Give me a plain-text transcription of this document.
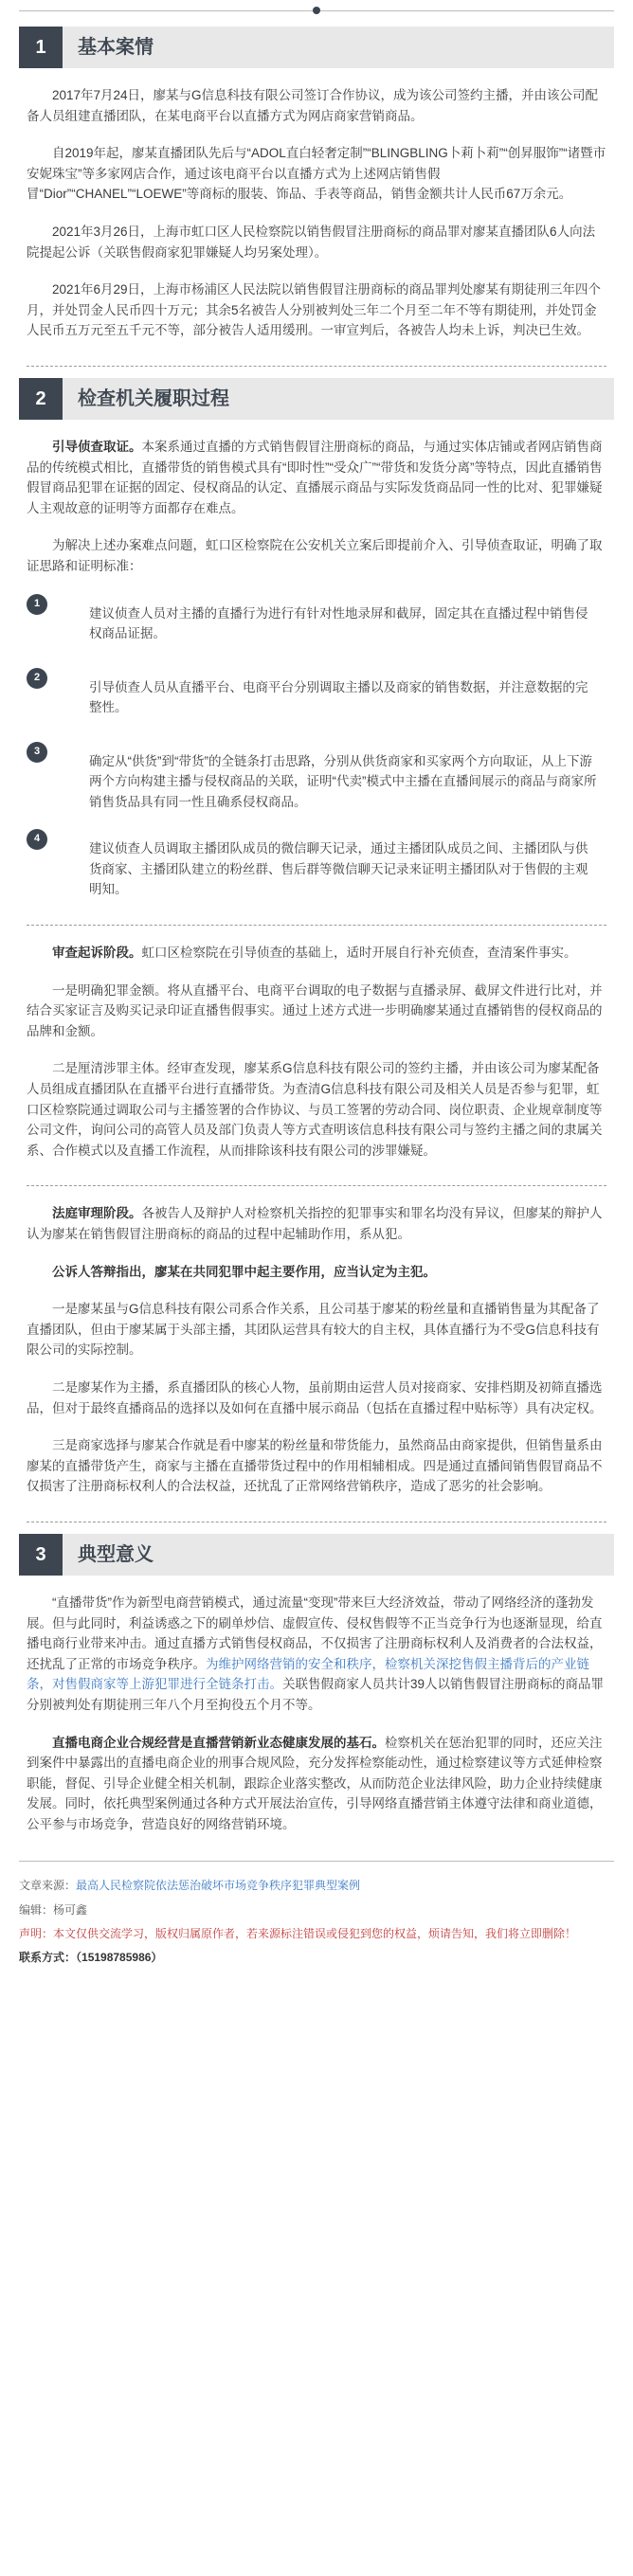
1	基本案情

2017年7月24日，廖某与G信息科技有限公司签订合作协议，成为该公司签约主播，并由该公司配备人员组建直播团队，在某电商平台以直播方式为网店商家营销商品。

自2019年起，廖某直播团队先后与“ADOL直白轻奢定制”“BLINGBLING卜莉卜莉”“创昇服饰”“诸暨市安妮珠宝”等多家网店合作，通过该电商平台以直播方式为上述网店销售假冒“Dior”“CHANEL”“LOEWE”等商标的服装、饰品、手表等商品，销售金额共计人民币67万余元。

2021年3月26日，上海市虹口区人民检察院以销售假冒注册商标的商品罪对廖某直播团队6人向法院提起公诉（关联售假商家犯罪嫌疑人均另案处理）。

2021年6月29日，上海市杨浦区人民法院以销售假冒注册商标的商品罪判处廖某有期徒刑三年四个月，并处罚金人民币四十万元；其余5名被告人分别被判处三年二个月至二年不等有期徒刑，并处罚金人民币五万元至五千元不等，部分被告人适用缓刑。一审宣判后，各被告人均未上诉，判决已生效。

2	检查机关履职过程

引导侦查取证。本案系通过直播的方式销售假冒注册商标的商品，与通过实体店铺或者网店销售商品的传统模式相比，直播带货的销售模式具有“即时性”“受众广”“带货和发货分离”等特点，因此直播销售假冒商品犯罪在证据的固定、侵权商品的认定、直播展示商品与实际发货商品同一性的比对、犯罪嫌疑人主观故意的证明等方面都存在难点。

为解决上述办案难点问题，虹口区检察院在公安机关立案后即提前介入、引导侦查取证，明确了取证思路和证明标准：

1
建议侦查人员对主播的直播行为进行有针对性地录屏和截屏，固定其在直播过程中销售侵权商品证据。
2
引导侦查人员从直播平台、电商平台分别调取主播以及商家的销售数据，并注意数据的完整性。
3
确定从“供货”到“带货”的全链条打击思路，分别从供货商家和买家两个方向取证，从上下游两个方向构建主播与侵权商品的关联，证明“代卖”模式中主播在直播间展示的商品与商家所销售货品具有同一性且确系侵权商品。
4
建议侦查人员调取主播团队成员的微信聊天记录，通过主播团队成员之间、主播团队与供货商家、主播团队建立的粉丝群、售后群等微信聊天记录来证明主播团队对于售假的主观明知。

审查起诉阶段。虹口区检察院在引导侦查的基础上，适时开展自行补充侦查，查清案件事实。

一是明确犯罪金额。将从直播平台、电商平台调取的电子数据与直播录屏、截屏文件进行比对，并结合买家证言及购买记录印证直播售假事实。通过上述方式进一步明确廖某通过直播销售的侵权商品的品牌和金额。

二是厘清涉罪主体。经审查发现，廖某系G信息科技有限公司的签约主播，并由该公司为廖某配备人员组成直播团队在直播平台进行直播带货。为查清G信息科技有限公司及相关人员是否参与犯罪，虹口区检察院通过调取公司与主播签署的合作协议、与员工签署的劳动合同、岗位职责、企业规章制度等公司文件，询问公司的高管人员及部门负责人等方式查明该信息科技有限公司与签约主播之间的隶属关系、合作模式以及直播工作流程，从而排除该科技有限公司的涉罪嫌疑。

法庭审理阶段。各被告人及辩护人对检察机关指控的犯罪事实和罪名均没有异议，但廖某的辩护人认为廖某在销售假冒注册商标的商品的过程中起辅助作用，系从犯。

公诉人答辩指出，廖某在共同犯罪中起主要作用，应当认定为主犯。

一是廖某虽与G信息科技有限公司系合作关系，且公司基于廖某的粉丝量和直播销售量为其配备了直播团队，但由于廖某属于头部主播，其团队运营具有较大的自主权，具体直播行为不受G信息科技有限公司的实际控制。

二是廖某作为主播，系直播团队的核心人物，虽前期由运营人员对接商家、安排档期及初筛直播选品，但对于最终直播商品的选择以及如何在直播中展示商品（包括在直播过程中贴标等）具有决定权。

三是商家选择与廖某合作就是看中廖某的粉丝量和带货能力，虽然商品由商家提供，但销售量系由廖某的直播带货产生，商家与主播在直播带货过程中的作用相辅相成。四是通过直播间销售假冒商品不仅损害了注册商标权利人的合法权益，还扰乱了正常网络营销秩序，造成了恶劣的社会影响。

3	典型意义

“直播带货”作为新型电商营销模式，通过流量“变现”带来巨大经济效益，带动了网络经济的蓬勃发展。但与此同时，利益诱惑之下的刷单炒信、虚假宣传、侵权售假等不正当竞争行为也逐渐显现，给直播电商行业带来冲击。通过直播方式销售侵权商品，不仅损害了注册商标权利人及消费者的合法权益，还扰乱了正常的市场竞争秩序。为维护网络营销的安全和秩序，检察机关深挖售假主播背后的产业链条，对售假商家等上游犯罪进行全链条打击。关联售假商家人员共计39人以销售假冒注册商标的商品罪分别被判处有期徒刑三年八个月至拘役五个月不等。

直播电商企业合规经营是直播营销新业态健康发展的基石。检察机关在惩治犯罪的同时，还应关注到案件中暴露出的直播电商企业的刑事合规风险，充分发挥检察能动性，通过检察建议等方式延伸检察职能，督促、引导企业健全相关机制，跟踪企业落实整改，从而防范企业法律风险，助力企业持续健康发展。同时，依托典型案例通过各种方式开展法治宣传，引导网络直播营销主体遵守法律和商业道德，公平参与市场竞争，营造良好的网络营销环境。

文章来源：最高人民检察院依法惩治破坏市场竞争秩序犯罪典型案例
编辑：杨可鑫
声明：本文仅供交流学习，版权归属原作者，若来源标注错误或侵犯到您的权益，烦请告知，我们将立即删除！
联系方式：（15198785986）
